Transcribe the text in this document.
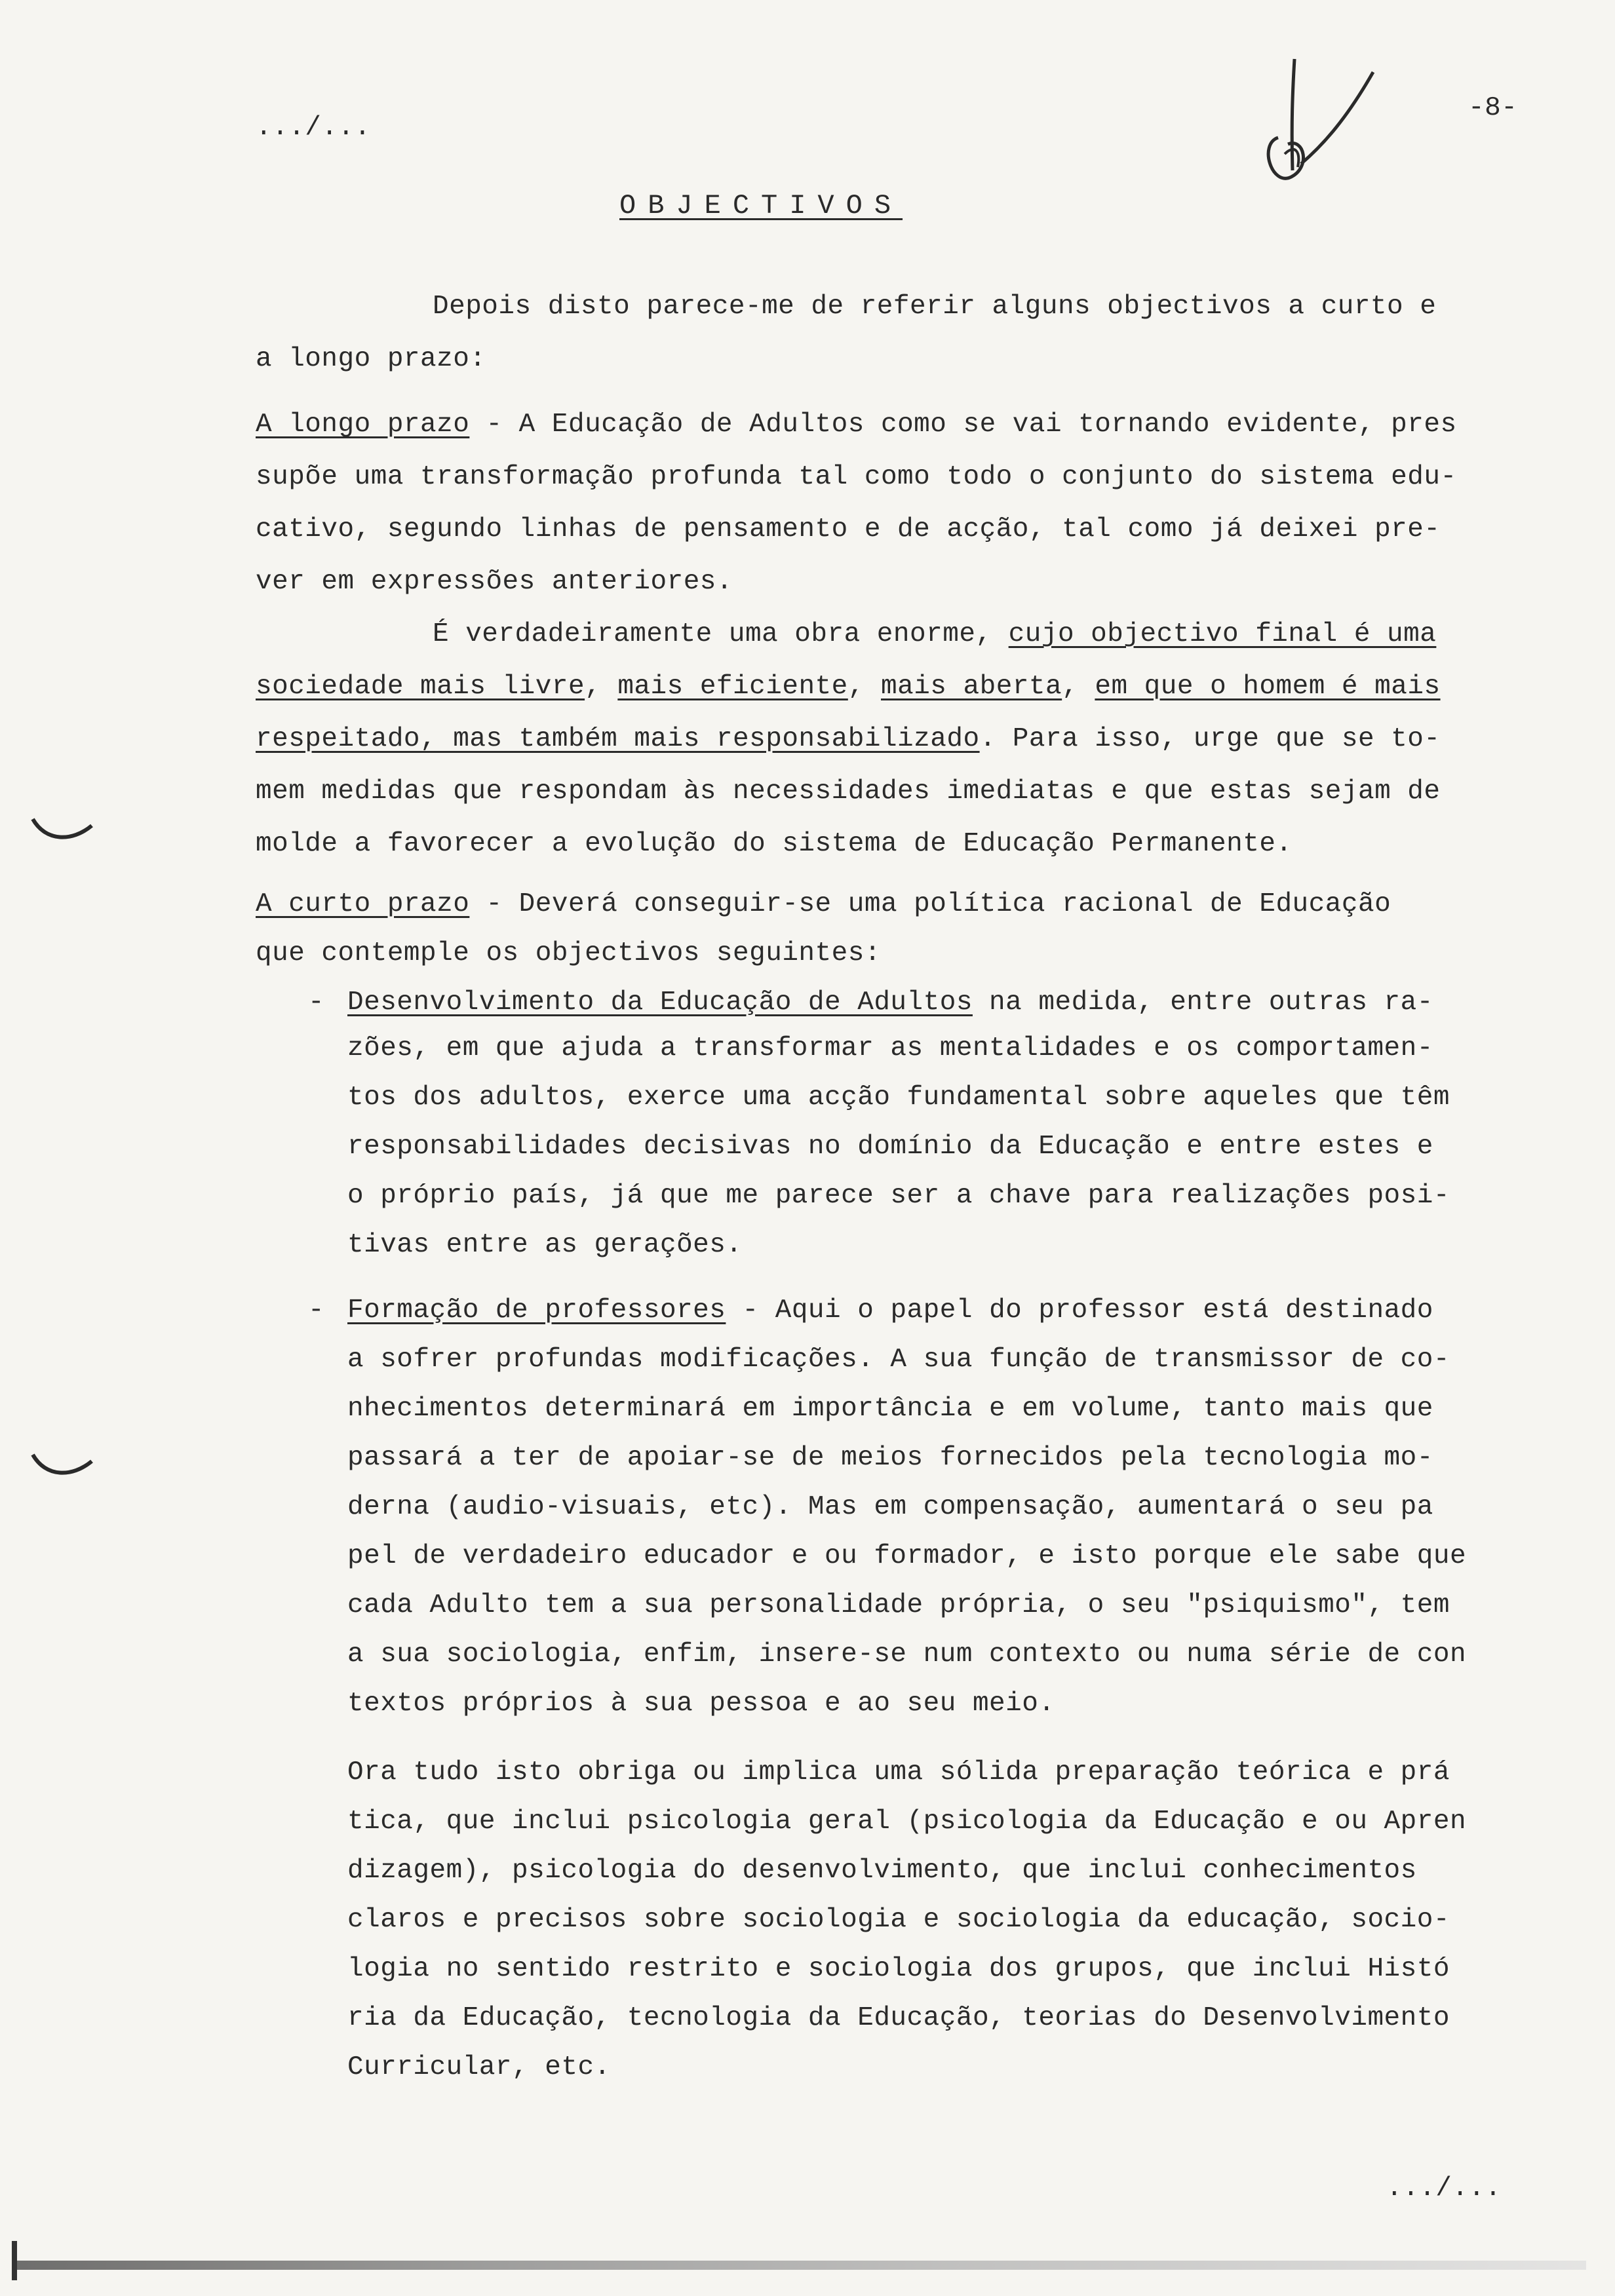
.../...
-8-
OBJECTIVOS
Depois disto parece-me de referir alguns objectivos a curto e
a longo prazo:
A longo prazo - A Educação de Adultos como se vai tornando evidente, pres
supõe uma transformação profunda tal como todo o conjunto do sistema edu-
cativo, segundo linhas de pensamento e de acção, tal como já deixei pre-
ver em expressões anteriores.
É verdadeiramente uma obra enorme, cujo objectivo final é uma
sociedade mais livre, mais eficiente, mais aberta, em que o homem é mais
respeitado, mas também mais responsabilizado. Para isso, urge que se to-
mem medidas que respondam às necessidades imediatas e que estas sejam de
molde a favorecer a evolução do sistema de Educação Permanente.
A curto prazo - Deverá conseguir-se uma política racional de Educação
que contemple os objectivos seguintes:
- Desenvolvimento da Educação de Adultos na medida, entre outras ra-
zões, em que ajuda a transformar as mentalidades e os comportamen-
tos dos adultos, exerce uma acção fundamental sobre aqueles que têm
responsabilidades decisivas no domínio da Educação e entre estes e
o próprio país, já que me parece ser a chave para realizações posi-
tivas entre as gerações.
- Formação de professores - Aqui o papel do professor está destinado
a sofrer profundas modificações. A sua função de transmissor de co-
nhecimentos determinará em importância e em volume, tanto mais que
passará a ter de apoiar-se de meios fornecidos pela tecnologia mo-
derna (audio-visuais, etc). Mas em compensação, aumentará o seu pa
pel de verdadeiro educador e ou formador, e isto porque ele sabe que
cada Adulto tem a sua personalidade própria, o seu "psiquismo", tem
a sua sociologia, enfim, insere-se num contexto ou numa série de con
textos próprios à sua pessoa e ao seu meio.
Ora tudo isto obriga ou implica uma sólida preparação teórica e prá
tica, que inclui psicologia geral (psicologia da Educação e ou Apren
dizagem), psicologia do desenvolvimento, que inclui conhecimentos
claros e precisos sobre sociologia e sociologia da educação, socio-
logia no sentido restrito e sociologia dos grupos, que inclui Histó
ria da Educação, tecnologia da Educação, teorias do Desenvolvimento
Curricular, etc.
.../...
